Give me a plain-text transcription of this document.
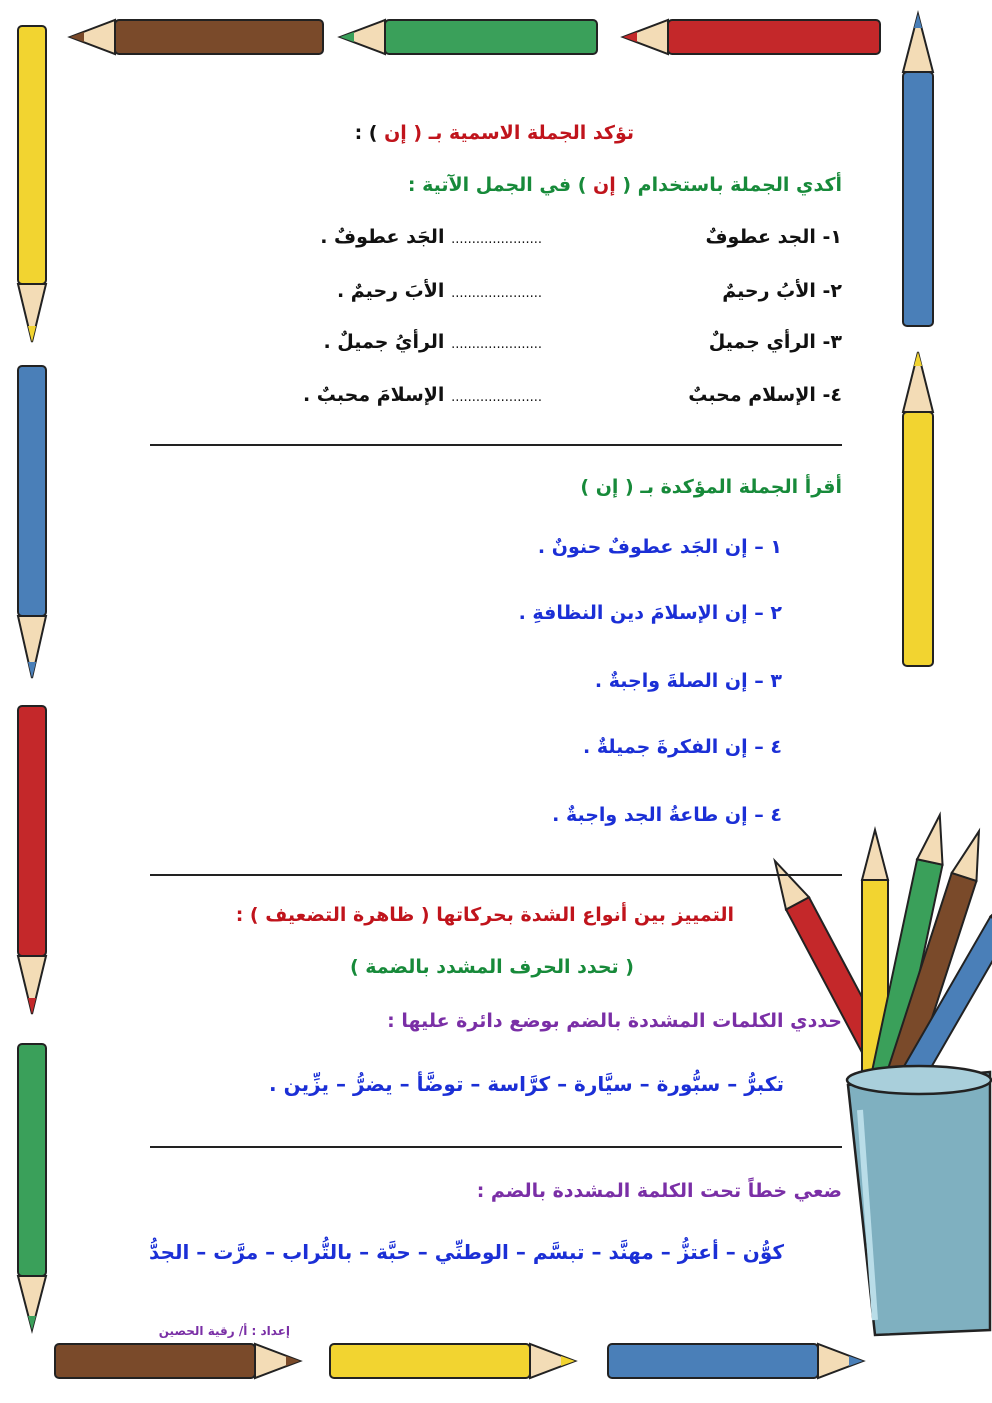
تؤكد الجملة الاسمية بـ ( إن ) :
أكدي الجملة باستخدام ( إن ) في الجمل الآتية :
١- الجد عطوفٌ
...................... الجَد عطوفٌ .
٢- الأبُ رحيمٌ
...................... الأبَ رحيمٌ .
٣- الرأي جميلٌ
...................... الرأيُ جميلٌ .
٤- الإسلام محببٌ
...................... الإسلامَ محببٌ .
أقرأ الجملة المؤكدة بـ ( إن )
١ – إن الجَد عطوفٌ حنونٌ .
٢ – إن الإسلامَ دين النظافةِ .
٣ – إن الصلةَ واجبةٌ .
٤ – إن الفكرةَ جميلةٌ .
٤ – إن طاعةُ الجد واجبةٌ .
التمييز بين أنواع الشدة بحركاتها ( ظاهرة التضعيف ) :
( تحدد الحرف المشدد بالضمة )
حددي الكلمات المشددة بالضم بوضع دائرة عليها :
تكبرُّ – سبُّورة – سيَّارة – كرَّاسة – توضَّأ – يضرُّ – يزِّين .
ضعي خطاً تحت الكلمة المشددة بالضم :
كوُّن – أعتزُّ – مهنَّد – تبسَّم – الوطنِّي – حبَّة – بالتُّراب – مرَّت – الجدُّ
إعداد : أ/ رقية الحصين
